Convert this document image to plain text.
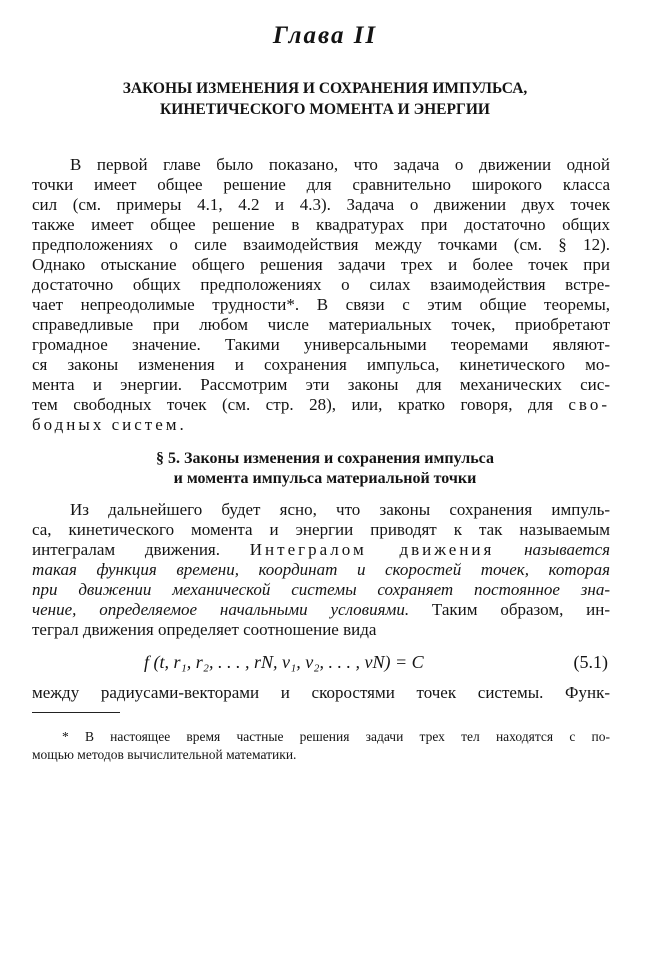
Глава II
ЗАКОНЫ ИЗМЕНЕНИЯ И СОХРАНЕНИЯ ИМПУЛЬСА,
КИНЕТИЧЕСКОГО МОМЕНТА И ЭНЕРГИИ
В первой главе было показано, что задача о движении одной
точки имеет общее решение для сравнительно широкого класса
сил (см. примеры 4.1, 4.2 и 4.3). Задача о движении двух точек
также имеет общее решение в квадратурах при достаточно общих
предположениях о силе взаимодействия между точками (см. § 12).
Однако отыскание общего решения задачи трех и более точек при
достаточно общих предположениях о силах взаимодействия встре-
чает непреодолимые трудности*. В связи с этим общие теоремы,
справедливые при любом числе материальных точек, приобретают
громадное значение. Такими универсальными теоремами являют-
ся законы изменения и сохранения импульса, кинетического мо-
мента и энергии. Рассмотрим эти законы для механических сис-
тем свободных точек (см. стр. 28), или, кратко говоря, для сво-
бодных систем.
§ 5. Законы изменения и сохранения импульса
и момента импульса материальной точки
Из дальнейшего будет ясно, что законы сохранения импуль-
са, кинетического момента и энергии приводят к так называемым
интегралам движения. Интегралом движения называется
такая функция времени, координат и скоростей точек, которая
при движении механической системы сохраняет постоянное зна-
чение, определяемое начальными условиями. Таким образом, ин-
теграл движения определяет соотношение вида
f (t, r₁, r₂, . . . , rN, v₁, v₂, . . . , vN) = C	(5.1)
между радиусами-векторами и скоростями точек системы. Функ-
* В настоящее время частные решения задачи трех тел находятся с по-
мощью методов вычислительной математики.
